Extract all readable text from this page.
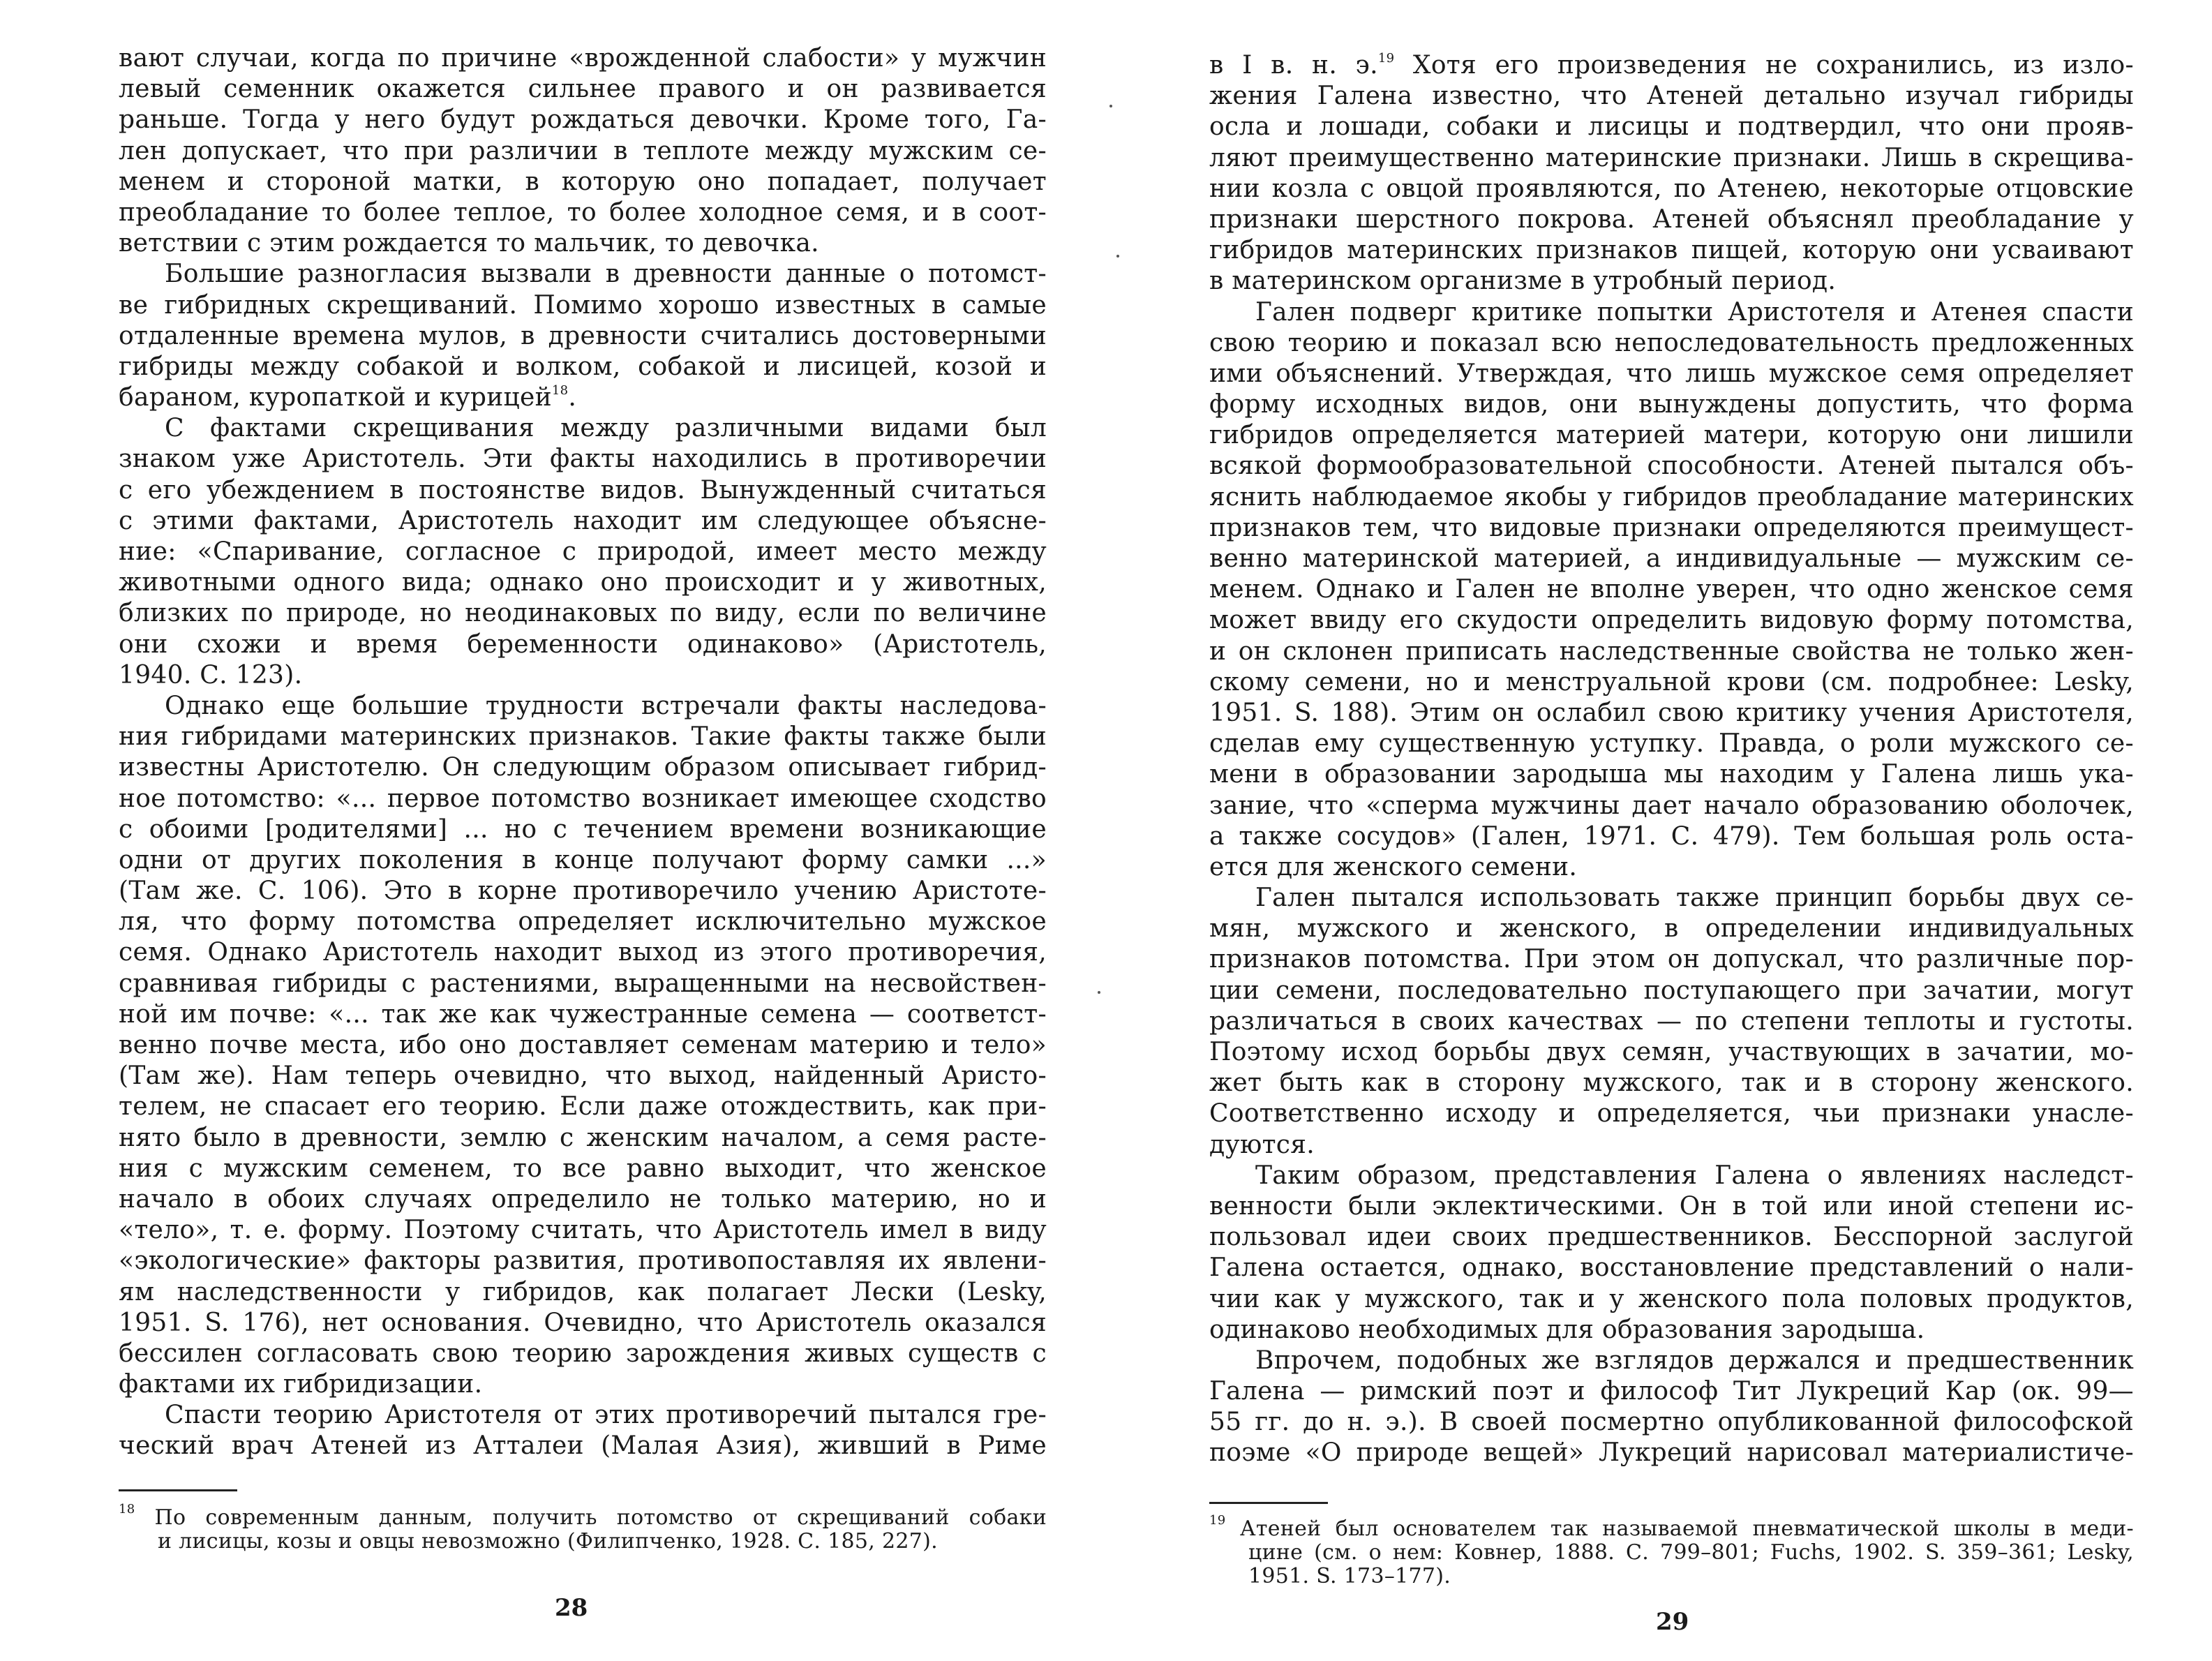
вают случаи, когда по причине «врожденной слабости» у мужчин
левый семенник окажется сильнее правого и он развивается
раньше. Тогда у него будут рождаться девочки. Кроме того, Га-
лен допускает, что при различии в теплоте между мужским се-
менем и стороной матки, в которую оно попадает, получает
преобладание то более теплое, то более холодное семя, и в соот-
ветствии с этим рождается то мальчик, то девочка.
Большие разногласия вызвали в древности данные о потомст-
ве гибридных скрещиваний. Помимо хорошо известных в самые
отдаленные времена мулов, в древности считались достоверными
гибриды между собакой и волком, собакой и лисицей, козой и
бараном, куропаткой и курицей$^{18}$.
С фактами скрещивания между различными видами был
знаком уже Аристотель. Эти факты находились в противоречии
с его убеждением в постоянстве видов. Вынужденный считаться
с этими фактами, Аристотель находит им следующее объясне-
ние: «Спаривание, согласное с природой, имеет место между
животными одного вида; однако оно происходит и у животных,
близких по природе, но неодинаковых по виду, если по величине
они схожи и время беременности одинаково» (Аристотель,
1940. С. 123).
Однако еще большие трудности встречали факты наследова-
ния гибридами материнских признаков. Такие факты также были
известны Аристотелю. Он следующим образом описывает гибрид-
ное потомство: «... первое потомство возникает имеющее сходство
с обоими [родителями] ... но с течением времени возникающие
одни от других поколения в конце получают форму самки ...»
(Там же. С. 106). Это в корне противоречило учению Аристоте-
ля, что форму потомства определяет исключительно мужское
семя. Однако Аристотель находит выход из этого противоречия,
сравнивая гибриды с растениями, выращенными на несвойствен-
ной им почве: «... так же как чужестранные семена — соответст-
венно почве места, ибо оно доставляет семенам материю и тело»
(Там же). Нам теперь очевидно, что выход, найденный Аристо-
телем, не спасает его теорию. Если даже отождествить, как при-
нято было в древности, землю с женским началом, а семя расте-
ния с мужским семенем, то все равно выходит, что женское
начало в обоих случаях определило не только материю, но и
«тело», т. е. форму. Поэтому считать, что Аристотель имел в виду
«экологические» факторы развития, противопоставляя их явлени-
ям наследственности у гибридов, как полагает Лески (Lesky,
1951. S. 176), нет основания. Очевидно, что Аристотель оказался
бессилен согласовать свою теорию зарождения живых существ с
фактами их гибридизации.
Спасти теорию Аристотеля от этих противоречий пытался гре-
ческий врач Атеней из Атталеи (Малая Азия), живший в Риме
$^{18}$ По современным данным, получить потомство от скрещиваний собаки
и лисицы, козы и овцы невозможно (Филипченко, 1928. С. 185, 227).
28
в I в. н. э.$^{19}$ Хотя его произведения не сохранились, из изло-
жения Галена известно, что Атеней детально изучал гибриды
осла и лошади, собаки и лисицы и подтвердил, что они прояв-
ляют преимущественно материнские признаки. Лишь в скрещива-
нии козла с овцой проявляются, по Атенею, некоторые отцовские
признаки шерстного покрова. Атеней объяснял преобладание у
гибридов материнских признаков пищей, которую они усваивают
в материнском организме в утробный период.
Гален подверг критике попытки Аристотеля и Атенея спасти
свою теорию и показал всю непоследовательность предложенных
ими объяснений. Утверждая, что лишь мужское семя определяет
форму исходных видов, они вынуждены допустить, что форма
гибридов определяется материей матери, которую они лишили
всякой формообразовательной способности. Атеней пытался объ-
яснить наблюдаемое якобы у гибридов преобладание материнских
признаков тем, что видовые признаки определяются преимущест-
венно материнской материей, а индивидуальные — мужским се-
менем. Однако и Гален не вполне уверен, что одно женское семя
может ввиду его скудости определить видовую форму потомства,
и он склонен приписать наследственные свойства не только жен-
скому семени, но и менструальной крови (см. подробнее: Lesky,
1951. S. 188). Этим он ослабил свою критику учения Аристотеля,
сделав ему существенную уступку. Правда, о роли мужского се-
мени в образовании зародыша мы находим у Галена лишь ука-
зание, что «сперма мужчины дает начало образованию оболочек,
а также сосудов» (Гален, 1971. С. 479). Тем большая роль оста-
ется для женского семени.
Гален пытался использовать также принцип борьбы двух се-
мян, мужского и женского, в определении индивидуальных
признаков потомства. При этом он допускал, что различные пор-
ции семени, последовательно поступающего при зачатии, могут
различаться в своих качествах — по степени теплоты и густоты.
Поэтому исход борьбы двух семян, участвующих в зачатии, мо-
жет быть как в сторону мужского, так и в сторону женского.
Соответственно исходу и определяется, чьи признаки унасле-
дуются.
Таким образом, представления Галена о явлениях наследст-
венности были эклектическими. Он в той или иной степени ис-
пользовал идеи своих предшественников. Бесспорной заслугой
Галена остается, однако, восстановление представлений о нали-
чии как у мужского, так и у женского пола половых продуктов,
одинаково необходимых для образования зародыша.
Впрочем, подобных же взглядов держался и предшественник
Галена — римский поэт и философ Тит Лукреций Кар (ок. 99—
55 гг. до н. э.). В своей посмертно опубликованной философской
поэме «О природе вещей» Лукреций нарисовал материалистиче-
$^{19}$ Атеней был основателем так называемой пневматической школы в меди-
цине (см. о нем: Ковнер, 1888. С. 799–801; Fuchs, 1902. S. 359–361; Lesky,
1951. S. 173–177).
29
